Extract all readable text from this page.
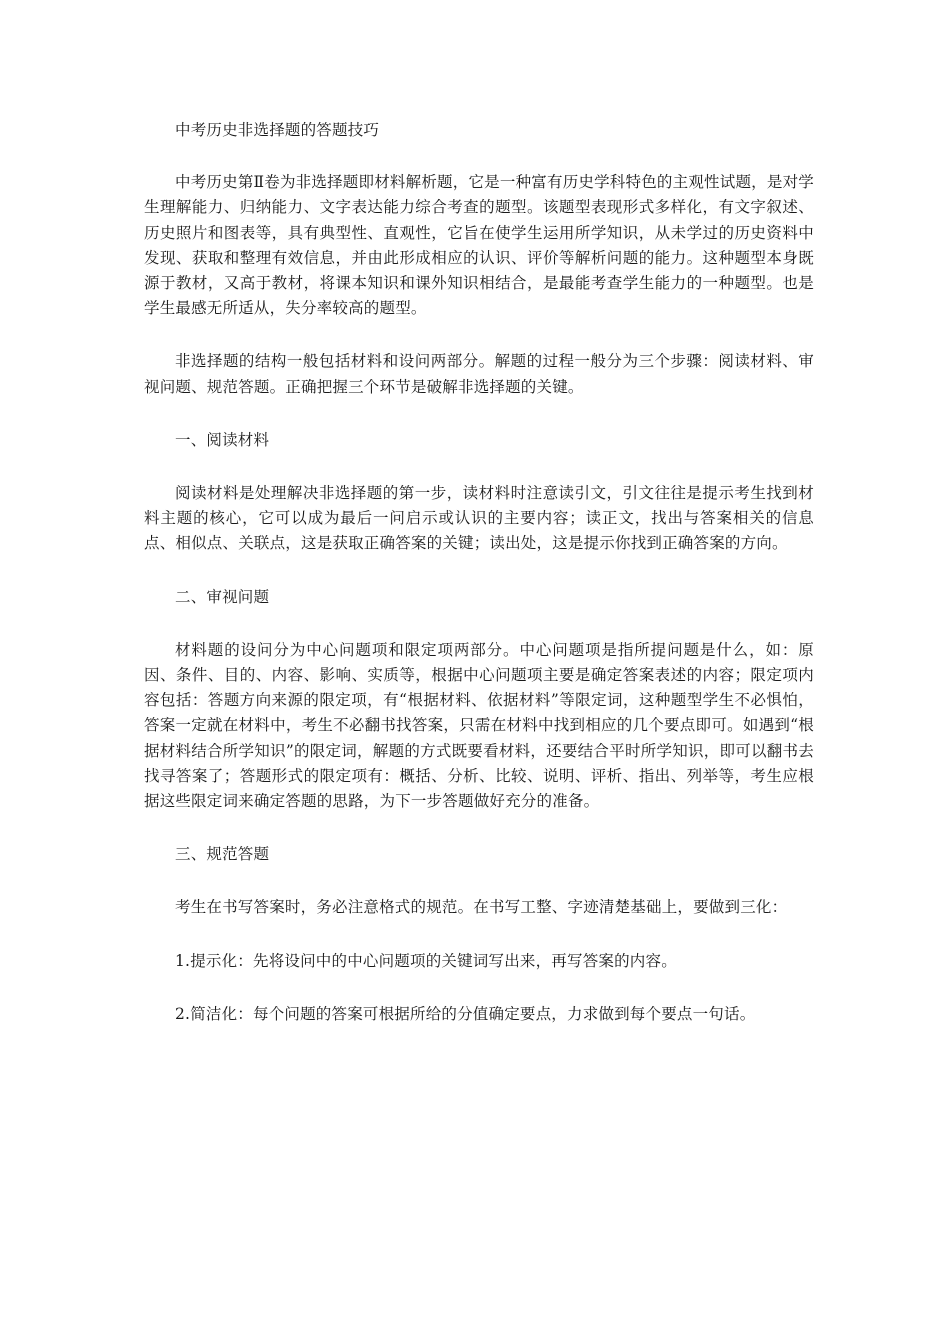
中考历史非选择题的答题技巧

中考历史第Ⅱ卷为非选择题即材料解析题，它是一种富有历史学科特色的主观性试题，是对学生理解能力、归纳能力、文字表达能力综合考查的题型。该题型表现形式多样化，有文字叙述、历史照片和图表等，具有典型性、直观性，它旨在使学生运用所学知识，从未学过的历史资料中发现、获取和整理有效信息，并由此形成相应的认识、评价等解析问题的能力。这种题型本身既源于教材，又高于教材，将课本知识和课外知识相结合，是最能考查学生能力的一种题型。也是学生最感无所适从，失分率较高的题型。

非选择题的结构一般包括材料和设问两部分。解题的过程一般分为三个步骤：阅读材料、审视问题、规范答题。正确把握三个环节是破解非选择题的关键。

一、阅读材料

阅读材料是处理解决非选择题的第一步，读材料时注意读引文，引文往往是提示考生找到材料主题的核心，它可以成为最后一问启示或认识的主要内容；读正文，找出与答案相关的信息点、相似点、关联点，这是获取正确答案的关键；读出处，这是提示你找到正确答案的方向。

二、审视问题

材料题的设问分为中心问题项和限定项两部分。中心问题项是指所提问题是什么，如：原因、条件、目的、内容、影响、实质等，根据中心问题项主要是确定答案表述的内容；限定项内容包括：答题方向来源的限定项，有“根据材料、依据材料”等限定词，这种题型学生不必惧怕，答案一定就在材料中，考生不必翻书找答案，只需在材料中找到相应的几个要点即可。如遇到“根据材料结合所学知识”的限定词，解题的方式既要看材料，还要结合平时所学知识，即可以翻书去找寻答案了；答题形式的限定项有：概括、分析、比较、说明、评析、指出、列举等，考生应根据这些限定词来确定答题的思路，为下一步答题做好充分的准备。

三、规范答题

考生在书写答案时，务必注意格式的规范。在书写工整、字迹清楚基础上，要做到三化：

1.提示化：先将设问中的中心问题项的关键词写出来，再写答案的内容。

2.简洁化：每个问题的答案可根据所给的分值确定要点，力求做到每个要点一句话。
